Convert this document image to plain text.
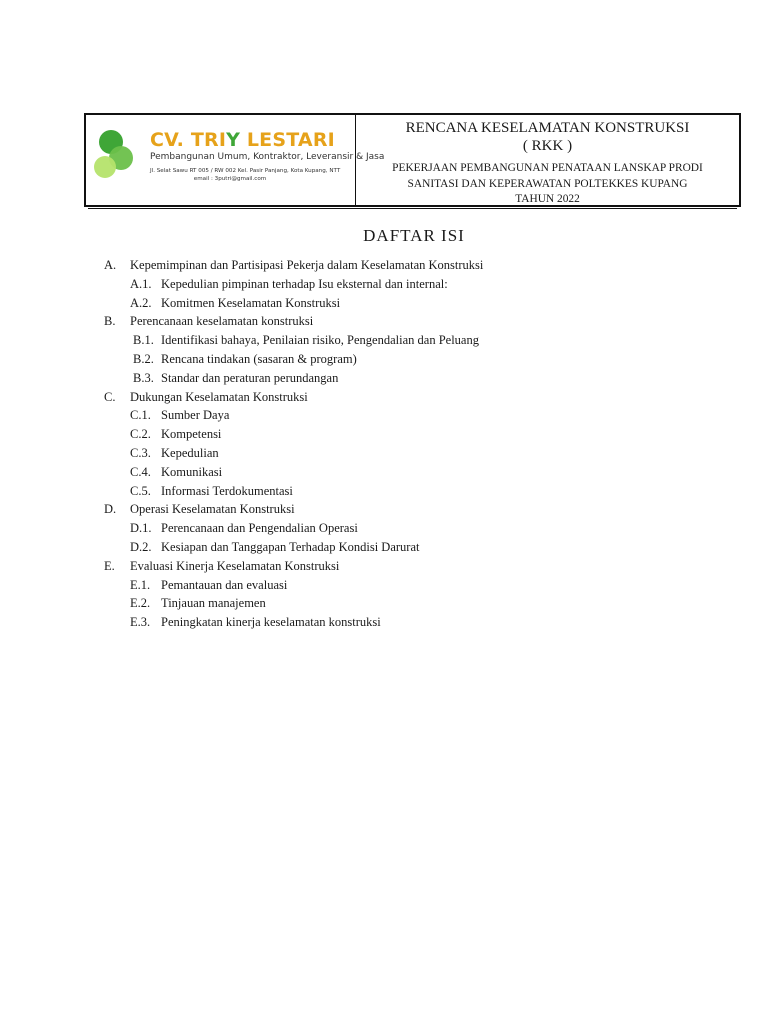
CV. TRIY LESTARI
Pembangunan Umum, Kontraktor, Leveransir & Jasa
Jl. Selat Sawu RT 005 / RW 002 Kel. Pasir Panjang, Kota Kupang, NTT
email : 3putri@gmail.com
RENCANA KESELAMATAN KONSTRUKSI
( RKK )
PEKERJAAN PEMBANGUNAN PENATAAN LANSKAP PRODI
SANITASI DAN KEPERAWATAN POLTEKKES KUPANG
TAHUN 2022
DAFTAR ISI
A. Kepemimpinan dan Partisipasi Pekerja dalam Keselamatan Konstruksi
A.1. Kepedulian pimpinan terhadap Isu eksternal dan internal:
A.2. Komitmen Keselamatan Konstruksi
B. Perencanaan keselamatan konstruksi
B.1. Identifikasi bahaya, Penilaian risiko, Pengendalian dan Peluang
B.2. Rencana tindakan (sasaran & program)
B.3. Standar dan peraturan perundangan
C. Dukungan Keselamatan Konstruksi
C.1. Sumber Daya
C.2. Kompetensi
C.3. Kepedulian
C.4. Komunikasi
C.5. Informasi Terdokumentasi
D. Operasi Keselamatan Konstruksi
D.1. Perencanaan dan Pengendalian Operasi
D.2. Kesiapan dan Tanggapan Terhadap Kondisi Darurat
E. Evaluasi Kinerja Keselamatan Konstruksi
E.1. Pemantauan dan evaluasi
E.2. Tinjauan manajemen
E.3. Peningkatan kinerja keselamatan konstruksi
